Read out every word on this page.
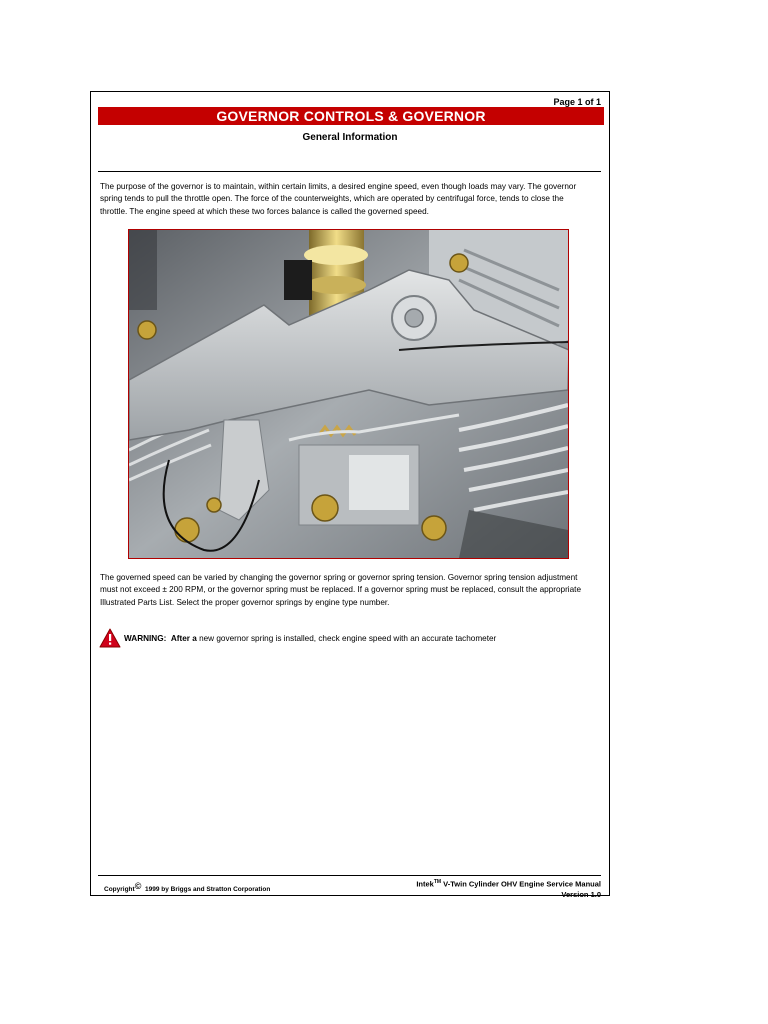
Page 1 of 1
GOVERNOR CONTROLS & GOVERNOR
General Information
The purpose of the governor is to maintain, within certain limits, a desired engine speed, even though loads may vary. The governor spring tends to pull the throttle open. The force of the counterweights, which are operated by centrifugal force, tends to close the throttle. The engine speed at which these two forces balance is called the governed speed.
The governed speed can be varied by changing the governor spring or governor spring tension. Governor spring tension adjustment must not exceed ± 200 RPM, or the governor spring must be replaced. If a governor spring must be replaced, consult the appropriate Illustrated Parts List. Select the proper governor springs by engine type number.
WARNING:
After a
new governor spring is installed, check engine speed with an accurate tachometer
Copyright© 1999 by Briggs and Stratton Corporation
Intek™ V-Twin Cylinder OHV Engine Service Manual
Version 1.0
